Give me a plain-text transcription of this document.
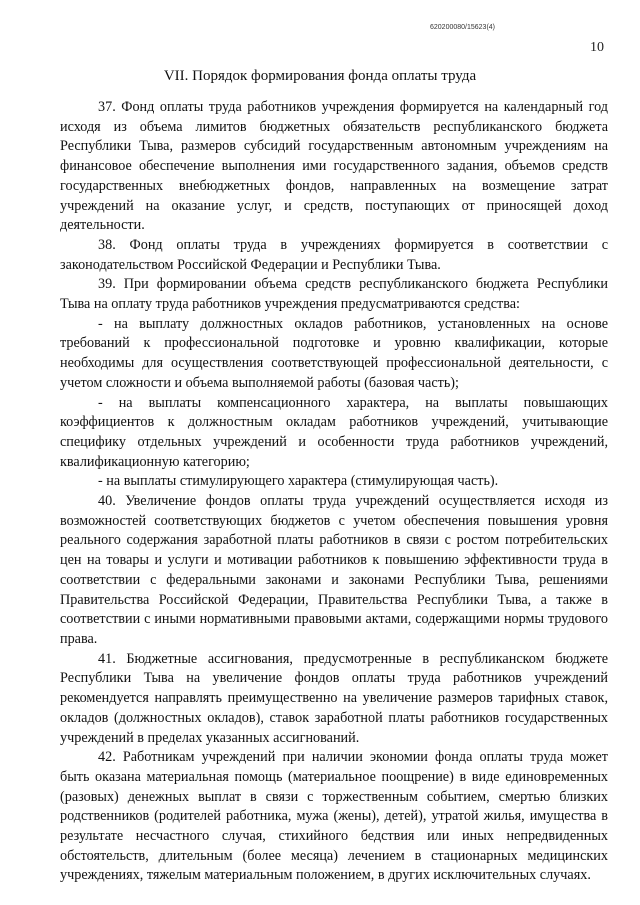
620200080/15623(4)
10
VII. Порядок формирования фонда оплаты труда

37. Фонд оплаты труда работников учреждения формируется на календарный год исходя из объема лимитов бюджетных обязательств республиканского бюджета Республики Тыва, размеров субсидий государственным автономным учреждениям на финансовое обеспечение выполнения ими государственного задания, объемов средств государственных внебюджетных фондов, направленных на возмещение затрат учреждений на оказание услуг, и средств, поступающих от приносящей доход деятельности.

38. Фонд оплаты труда в учреждениях формируется в соответствии с законодательством Российской Федерации и Республики Тыва.

39. При формировании объема средств республиканского бюджета Республики Тыва на оплату труда работников учреждения предусматриваются средства:

- на выплату должностных окладов работников, установленных на основе требований к профессиональной подготовке и уровню квалификации, которые необходимы для осуществления соответствующей профессиональной деятельности, с учетом сложности и объема выполняемой работы (базовая часть);

- на выплаты компенсационного характера, на выплаты повышающих коэффициентов к должностным окладам работников учреждений, учитывающие специфику отдельных учреждений и особенности труда работников учреждений, квалификационную категорию;

- на выплаты стимулирующего характера (стимулирующая часть).

40. Увеличение фондов оплаты труда учреждений осуществляется исходя из возможностей соответствующих бюджетов с учетом обеспечения повышения уровня реального содержания заработной платы работников в связи с ростом потребительских цен на товары и услуги и мотивации работников к повышению эффективности труда в соответствии с федеральными законами и законами Республики Тыва, решениями Правительства Российской Федерации, Правительства Республики Тыва, а также в соответствии с иными нормативными правовыми актами, содержащими нормы трудового права.

41. Бюджетные ассигнования, предусмотренные в республиканском бюджете Республики Тыва на увеличение фондов оплаты труда работников учреждений рекомендуется направлять преимущественно на увеличение размеров тарифных ставок, окладов (должностных окладов), ставок заработной платы работников государственных учреждений в пределах указанных ассигнований.

42. Работникам учреждений при наличии экономии фонда оплаты труда может быть оказана материальная помощь (материальное поощрение) в виде единовременных (разовых) денежных выплат в связи с торжественным событием, смертью близких родственников (родителей работника, мужа (жены), детей), утратой жилья, имущества в результате несчастного случая, стихийного бедствия или иных непредвиденных обстоятельств, длительным (более месяца) лечением в стационарных медицинских учреждениях, тяжелым материальным положением, в других исключительных случаях.
